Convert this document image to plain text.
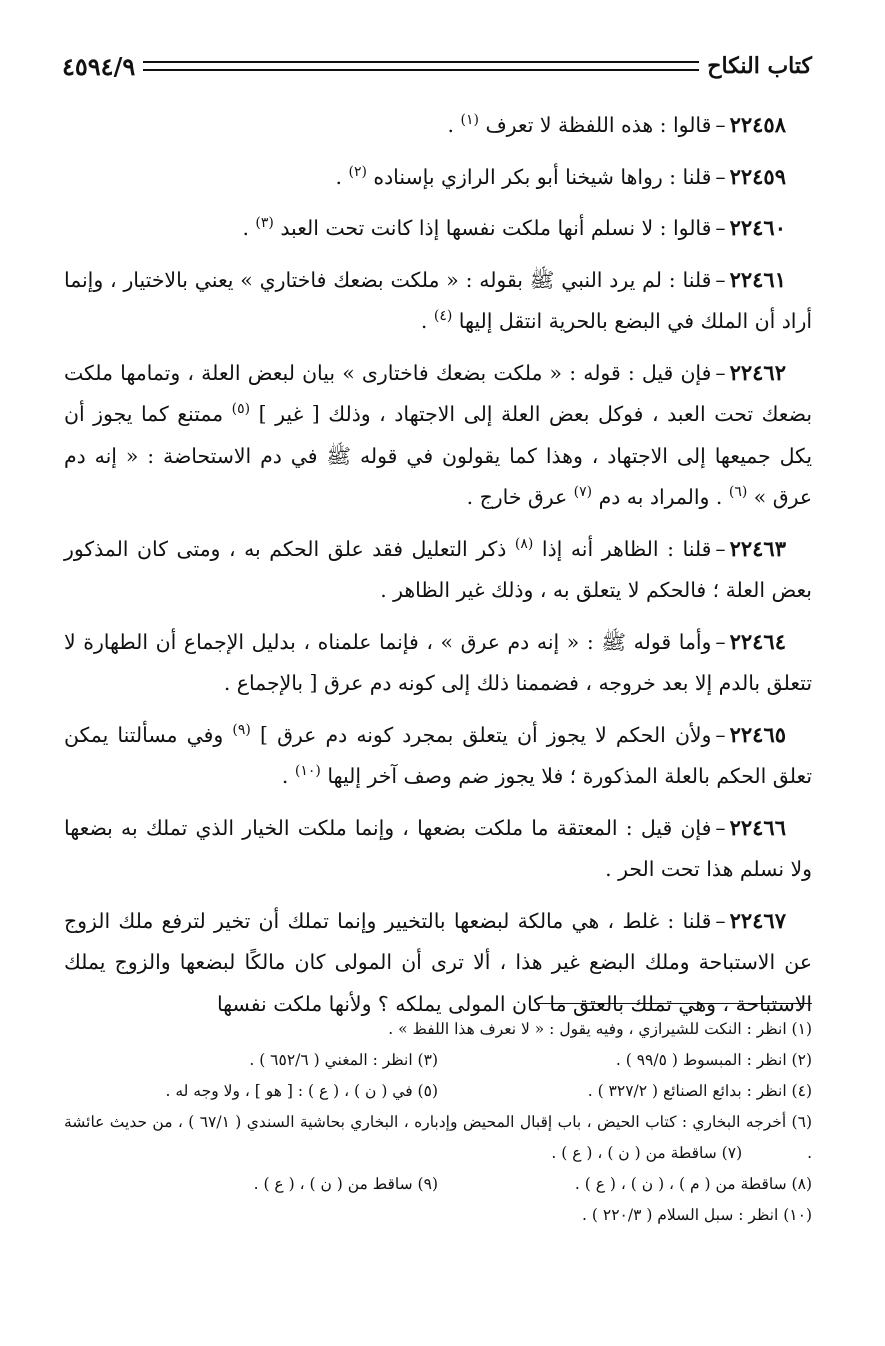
٤٥٩٤/٩	كتاب النكاح

٢٢٤٥٨–قالوا : هذه اللفظة لا تعرف $^{(١)}$ .

٢٢٤٥٩–قلنا : رواها شيخنا أبو بكر الرازي بإسناده $^{(٢)}$ .

٢٢٤٦٠–قالوا : لا نسلم أنها ملكت نفسها إذا كانت تحت العبد $^{(٣)}$ .

٢٢٤٦١–قلنا : لم يرد النبي ﷺ بقوله : « ملكت بضعك فاختاري » يعني بالاختيار ، وإنما أراد أن الملك في البضع بالحرية انتقل إليها $^{(٤)}$ .

٢٢٤٦٢–فإن قيل : قوله : « ملكت بضعك فاختارى » بيان لبعض العلة ، وتمامها ملكت بضعك تحت العبد ، فوكل بعض العلة إلى الاجتهاد ، وذلك [ غير ] $^{(٥)}$ ممتنع كما يجوز أن يكل جميعها إلى الاجتهاد ، وهذا كما يقولون في قوله ﷺ في دم الاستحاضة : « إنه دم عرق » $^{(٦)}$ . والمراد به دم $^{(٧)}$ عرق خارج .

٢٢٤٦٣–قلنا : الظاهر أنه إذا $^{(٨)}$ ذكر التعليل فقد علق الحكم به ، ومتى كان المذكور بعض العلة ؛ فالحكم لا يتعلق به ، وذلك غير الظاهر .

٢٢٤٦٤–وأما قوله ﷺ : « إنه دم عرق » ، فإنما علمناه ، بدليل الإجماع أن الطهارة لا تتعلق بالدم إلا بعد خروجه ، فضممنا ذلك إلى كونه دم عرق [ بالإجماع .

٢٢٤٦٥–ولأن الحكم لا يجوز أن يتعلق بمجرد كونه دم عرق ] $^{(٩)}$ وفي مسألتنا يمكن تعلق الحكم بالعلة المذكورة ؛ فلا يجوز ضم وصف آخر إليها $^{(١٠)}$ .

٢٢٤٦٦–فإن قيل : المعتقة ما ملكت بضعها ، وإنما ملكت الخيار الذي تملك به بضعها ولا نسلم هذا تحت الحر .

٢٢٤٦٧–قلنا : غلط ، هي مالكة لبضعها بالتخيير وإنما تملك أن تخير لترفع ملك الزوج عن الاستباحة وملك البضع غير هذا ، ألا ترى أن المولى كان مالكًا لبضعها والزوج يملك الاستباحة ، وهي تملك بالعتق ما كان المولى يملكه ؟ ولأنها ملكت نفسها

(١) انظر : النكت للشيرازي ، وفيه يقول : « لا نعرف هذا اللفظ » .
(٢) انظر : المبسوط ( ٩٩/٥ ) .
(٣) انظر : المغني ( ٦٥٢/٦ ) .
(٤) انظر : بدائع الصنائع ( ٣٢٧/٢ ) .
(٥) في ( ن ) ، ( ع ) : [ هو ] ، ولا وجه له .
(٦) أخرجه البخاري : كتاب الحيض ، باب إقبال المحيض وإدباره ، البخاري بحاشية السندي ( ٦٧/١ ) ، من حديث عائشة . (٧) ساقطة من ( ن ) ، ( ع ) .
(٨) ساقطة من ( م ) ، ( ن ) ، ( ع ) .
(٩) ساقط من ( ن ) ، ( ع ) .
(١٠) انظر : سبل السلام ( ٢٢٠/٣ ) .
